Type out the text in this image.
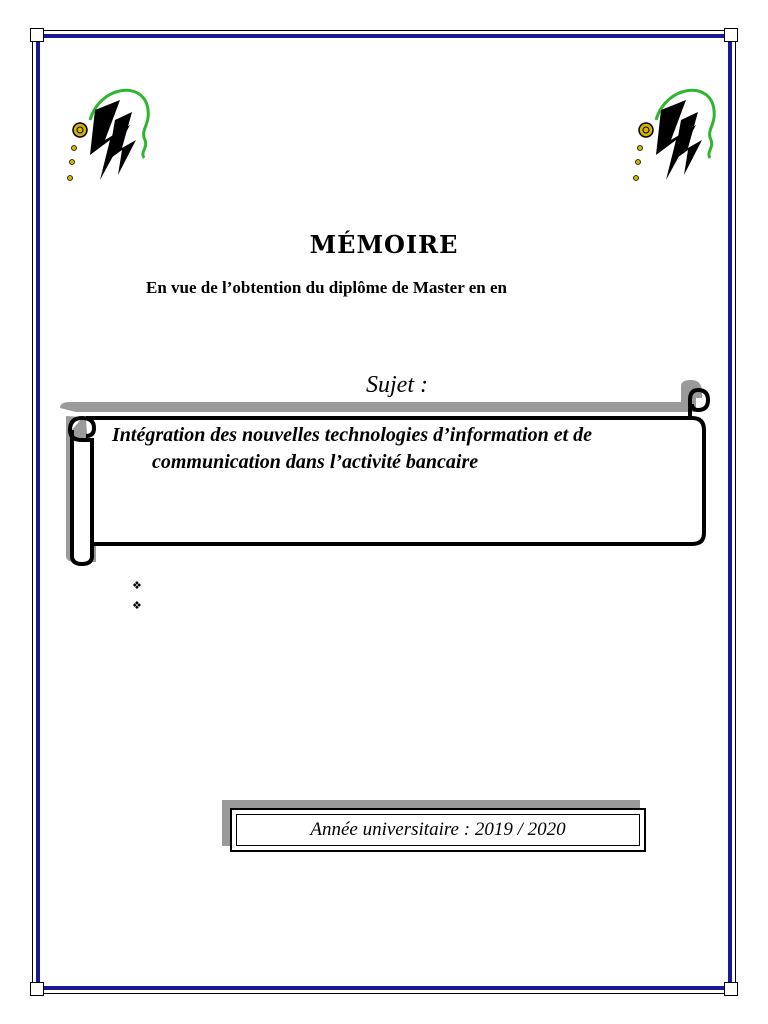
MÉMOIRE
En vue de l’obtention du diplôme de Master en en
Sujet :
Intégration des nouvelles technologies d’information et de
communication dans l’activité bancaire
❖
❖
Année universitaire : 2019 / 2020
